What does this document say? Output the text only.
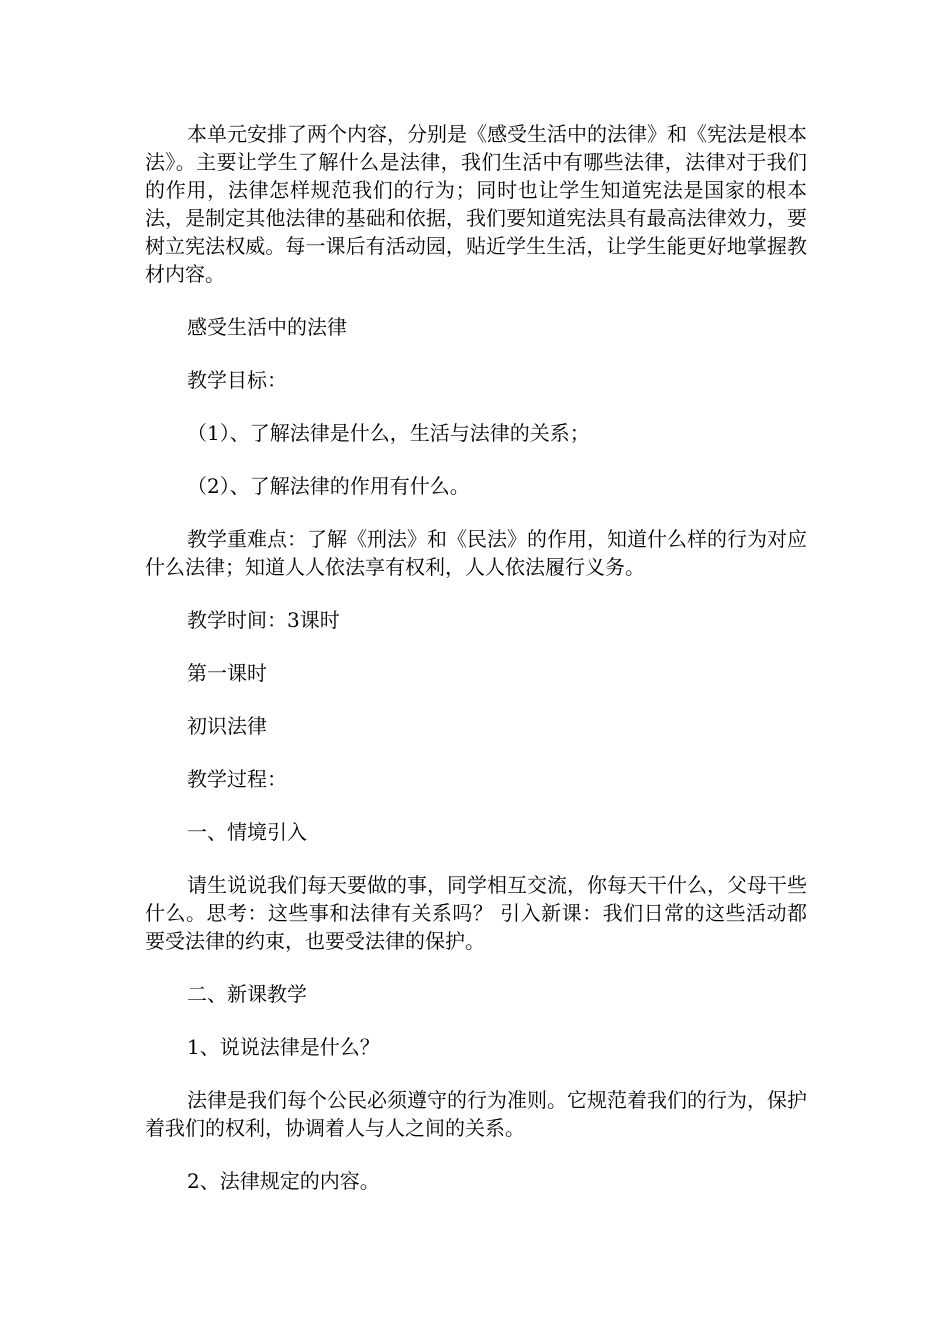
本单元安排了两个内容，分别是《感受生活中的法律》和《宪法是根本法》。主要让学生了解什么是法律，我们生活中有哪些法律，法律对于我们的作用，法律怎样规范我们的行为；同时也让学生知道宪法是国家的根本法，是制定其他法律的基础和依据，我们要知道宪法具有最高法律效力，要树立宪法权威。每一课后有活动园，贴近学生生活，让学生能更好地掌握教材内容。

感受生活中的法律

教学目标：

（1）、了解法律是什么，生活与法律的关系；

（2）、了解法律的作用有什么。

教学重难点：了解《刑法》和《民法》的作用，知道什么样的行为对应什么法律；知道人人依法享有权利，人人依法履行义务。

教学时间：3课时

第一课时

初识法律

教学过程：

一、情境引入

请生说说我们每天要做的事，同学相互交流，你每天干什么，父母干些什么。思考：这些事和法律有关系吗？ 引入新课：我们日常的这些活动都要受法律的约束，也要受法律的保护。

二、新课教学

1、说说法律是什么？

法律是我们每个公民必须遵守的行为准则。它规范着我们的行为，保护着我们的权利，协调着人与人之间的关系。

2、法律规定的内容。
